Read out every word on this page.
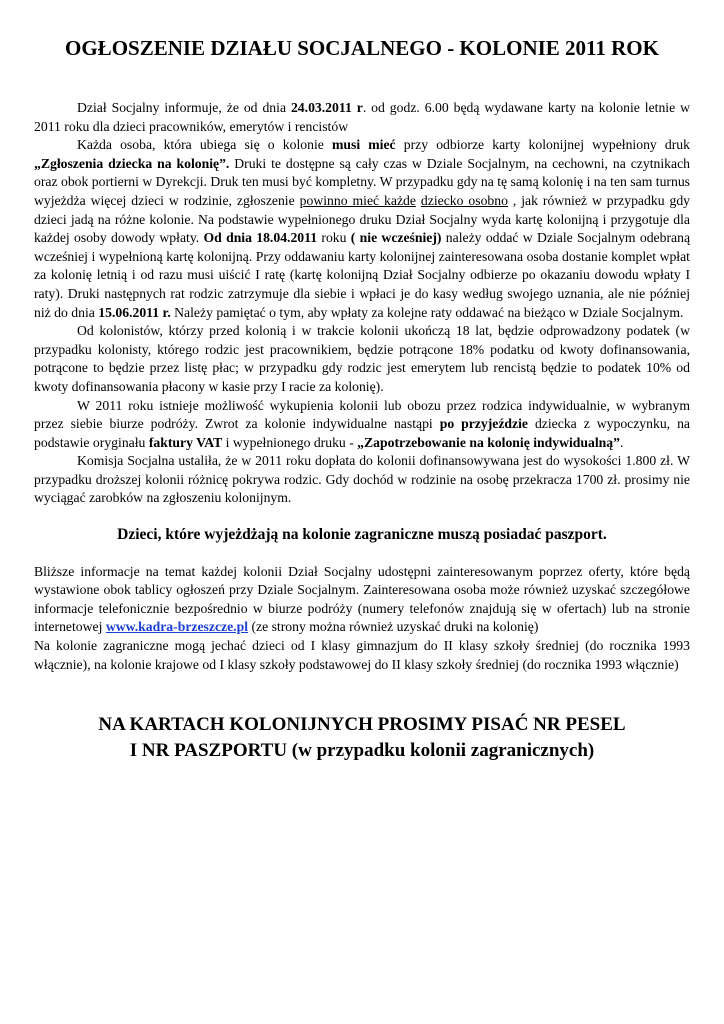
OGŁOSZENIE DZIAŁU SOCJALNEGO - KOLONIE 2011 ROK

Dział Socjalny informuje, że od dnia 24.03.2011 r. od godz. 6.00 będą wydawane karty na kolonie letnie w 2011 roku dla dzieci pracowników, emerytów i rencistów

Każda osoba, która ubiega się o kolonie musi mieć przy odbiorze karty kolonijnej wypełniony druk „Zgłoszenia dziecka na kolonię”. Druki te dostępne są cały czas w Dziale Socjalnym, na cechowni, na czytnikach oraz obok portierni w Dyrekcji. Druk ten musi być kompletny. W przypadku gdy na tę samą kolonię i na ten sam turnus wyjeżdża więcej dzieci w rodzinie, zgłoszenie powinno mieć każde dziecko osobno , jak również w przypadku gdy dzieci jadą na różne kolonie. Na podstawie wypełnionego druku Dział Socjalny wyda kartę kolonijną i przygotuje dla każdej osoby dowody wpłaty. Od dnia 18.04.2011 roku ( nie wcześniej) należy oddać w Dziale Socjalnym odebraną wcześniej i wypełnioną kartę kolonijną. Przy oddawaniu karty kolonijnej zainteresowana osoba dostanie komplet wpłat za kolonię letnią i od razu musi uiścić I ratę (kartę kolonijną Dział Socjalny odbierze po okazaniu dowodu wpłaty I raty). Druki następnych rat rodzic zatrzymuje dla siebie i wpłaci je do kasy według swojego uznania, ale nie później niż do dnia 15.06.2011 r. Należy pamiętać o tym, aby wpłaty za kolejne raty oddawać na bieżąco w Dziale Socjalnym.

Od kolonistów, którzy przed kolonią i w trakcie kolonii ukończą 18 lat, będzie odprowadzony podatek (w przypadku kolonisty, którego rodzic jest pracownikiem, będzie potrącone 18% podatku od kwoty dofinansowania, potrącone to będzie przez listę płac; w przypadku gdy rodzic jest emerytem lub rencistą będzie to podatek 10% od kwoty dofinansowania płacony w kasie przy I racie za kolonię).

W 2011 roku istnieje możliwość wykupienia kolonii lub obozu przez rodzica indywidualnie, w wybranym przez siebie biurze podróży. Zwrot za kolonie indywidualne nastąpi po przyjeździe dziecka z wypoczynku, na podstawie oryginału faktury VAT i wypełnionego druku - „Zapotrzebowanie na kolonię indywidualną”.

Komisja Socjalna ustaliła, że w 2011 roku dopłata do kolonii dofinansowywana jest do wysokości 1.800 zł. W przypadku droższej kolonii różnicę pokrywa rodzic. Gdy dochód w rodzinie na osobę przekracza 1700 zł. prosimy nie wyciągać zarobków na zgłoszeniu kolonijnym.

Dzieci, które wyjeżdżają na kolonie zagraniczne muszą posiadać paszport.

Bliższe informacje na temat każdej kolonii Dział Socjalny udostępni zainteresowanym poprzez oferty, które będą wystawione obok tablicy ogłoszeń przy Dziale Socjalnym. Zainteresowana osoba może również uzyskać szczegółowe informacje telefonicznie bezpośrednio w biurze podróży (numery telefonów znajdują się w ofertach) lub na stronie internetowej www.kadra-brzeszcze.pl (ze strony można również uzyskać druki na kolonię)

Na kolonie zagraniczne mogą jechać dzieci od I klasy gimnazjum do II klasy szkoły średniej (do rocznika 1993 włącznie), na kolonie krajowe od I klasy szkoły podstawowej do II klasy szkoły średniej (do rocznika 1993 włącznie)

NA KARTACH KOLONIJNYCH PROSIMY PISAĆ NR PESEL
I NR PASZPORTU (w przypadku kolonii zagranicznych)
